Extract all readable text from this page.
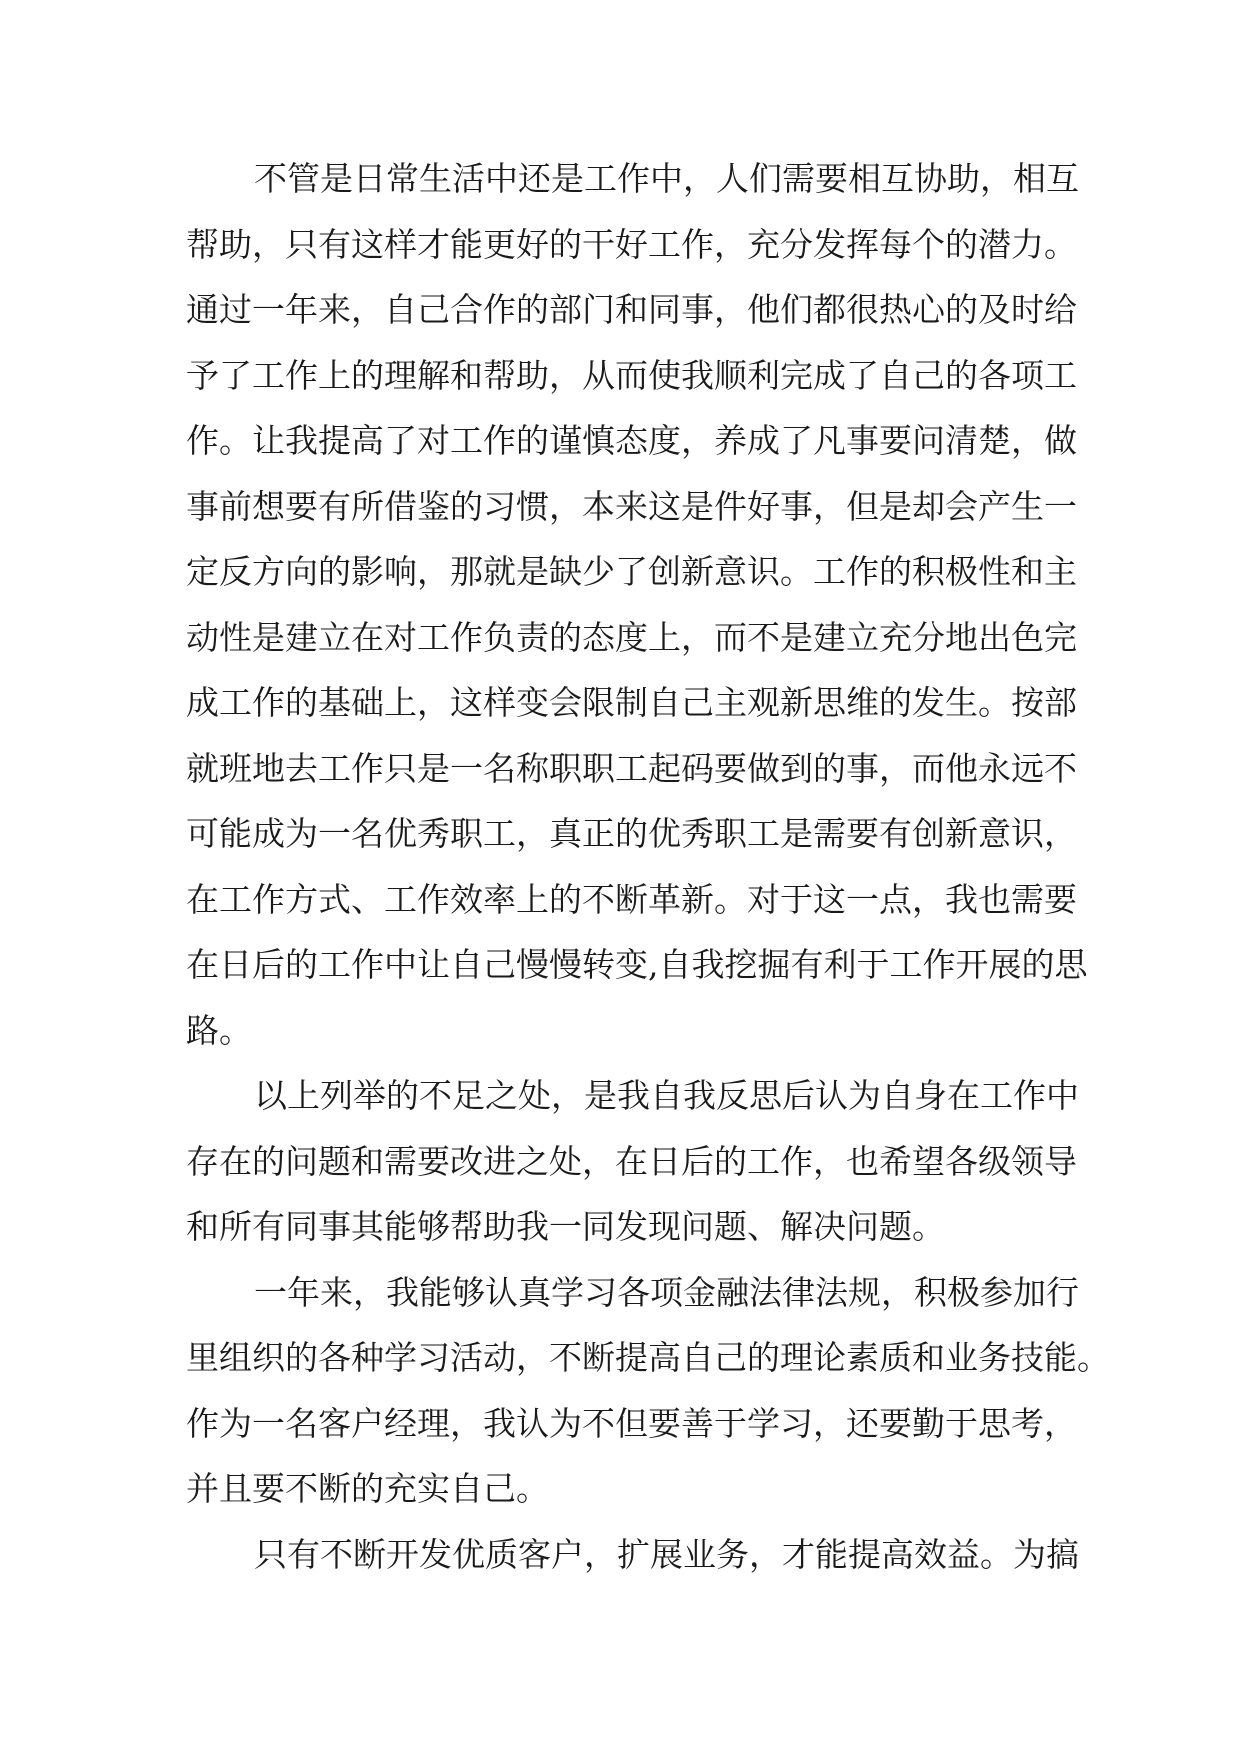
不管是日常生活中还是工作中，人们需要相互协助，相互
帮助，只有这样才能更好的干好工作，充分发挥每个的潜力。
通过一年来，自己合作的部门和同事，他们都很热心的及时给
予了工作上的理解和帮助，从而使我顺利完成了自己的各项工
作。让我提高了对工作的谨慎态度，养成了凡事要问清楚，做
事前想要有所借鉴的习惯，本来这是件好事，但是却会产生一
定反方向的影响，那就是缺少了创新意识。工作的积极性和主
动性是建立在对工作负责的态度上，而不是建立充分地出色完
成工作的基础上，这样变会限制自己主观新思维的发生。按部
就班地去工作只是一名称职职工起码要做到的事，而他永远不
可能成为一名优秀职工，真正的优秀职工是需要有创新意识，
在工作方式、工作效率上的不断革新。对于这一点，我也需要
在日后的工作中让自己慢慢转变,自我挖掘有利于工作开展的思
路。
以上列举的不足之处，是我自我反思后认为自身在工作中
存在的问题和需要改进之处，在日后的工作，也希望各级领导
和所有同事其能够帮助我一同发现问题、解决问题。
一年来，我能够认真学习各项金融法律法规，积极参加行
里组织的各种学习活动，不断提高自己的理论素质和业务技能。
作为一名客户经理，我认为不但要善于学习，还要勤于思考，
并且要不断的充实自己。
只有不断开发优质客户，扩展业务，才能提高效益。为搞
